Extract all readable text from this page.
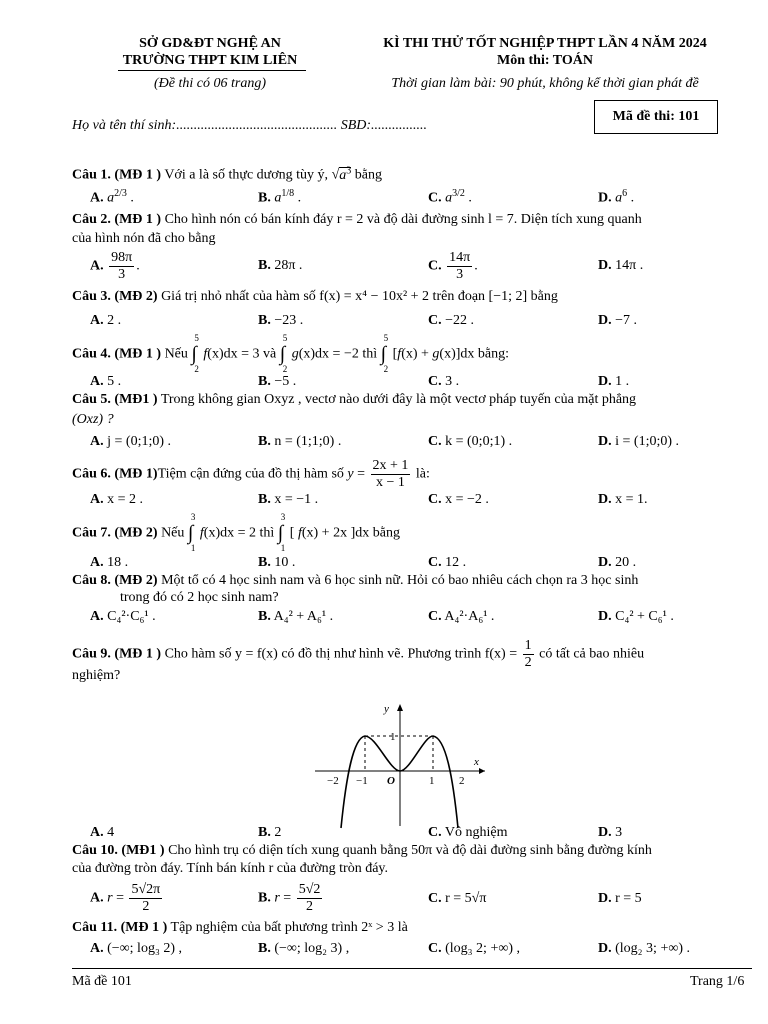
SỞ GD&ĐT NGHỆ AN
TRƯỜNG THPT KIM LIÊN
(Đề thi có 06 trang)
KÌ THI THỬ TỐT NGHIỆP THPT LẦN 4 NĂM 2024
Môn thi: TOÁN
Thời gian làm bài: 90 phút, không kể thời gian phát đề
Họ và tên thí sinh:.............................................. SBD:................
Mã đề thi: 101
Câu 1. (MĐ 1 ) Với a là số thực dương tùy ý, $√a^3$ bằng
A. $a^{2/3}$ .	B. $a^{1/8}$ .	C. $a^{3/2}$ .	D. $a^6$ .
Câu 2. (MĐ 1 ) Cho hình nón có bán kính đáy r = 2 và độ dài đường sinh l = 7. Diện tích xung quanh
của hình nón đã cho bằng
A. $\frac{98\pi}{3}$ .	B. 28π .	C. $\frac{14\pi}{3}$ .	D. 14π .
Câu 3. (MĐ 2) Giá trị nhỏ nhất của hàm số f(x) = x⁴ − 10x² + 2 trên đoạn [−1; 2] bằng
A. 2 .	B. −23 .	C. −22 .	D. −7 .
Câu 4. (MĐ 1 ) Nếu ∫
5
2
f(x)dx = 3 và ∫
5
2
g(x)dx = −2 thì ∫
5
2
[f(x) + g(x)]dx bằng:
A. 5 .	B. −5 .	C. 3 .	D. 1 .
Câu 5. (MĐ1 ) Trong không gian Oxyz , vectơ nào dưới đây là một vectơ pháp tuyến của mặt phẳng
(Oxz) ?
A. j = (0;1;0) .	B. n = (1;1;0) .	C. k = (0;0;1) .	D. i = (1;0;0) .
Câu 6. (MĐ 1)Tiệm cận đứng của đồ thị hàm số $y = \frac{2x + 1}{x - 1}$ là:
A. x = 2 .	B. x = −1 .	C. x = −2 .	D. x = 1.
Câu 7. (MĐ 2) Nếu ∫
3
1
f(x)dx = 2 thì ∫
3
1
[ f(x) + 2x ]dx bằng
A. 18 .	B. 10 .	C. 12 .	D. 20 .
Câu 8. (MĐ 2) Một tổ có 4 học sinh nam và 6 học sinh nữ. Hỏi có bao nhiêu cách chọn ra 3 học sinh
trong đó có 2 học sinh nam?
A. C₄²·C₆¹ .	B. A₄² + A₆¹ .	C. A₄²·A₆¹ .	D. C₄² + C₆¹ .
Câu 9. (MĐ 1 ) Cho hàm số y = f(x) có đồ thị như hình vẽ. Phương trình $f(x) = \frac{1}{2}$ có tất cả bao nhiêu
nghiệm?
−2 −1 O	1 2
1
x
y
A. 4	B. 2	C. Vô nghiệm	D. 3
Câu 10. (MĐ1 ) Cho hình trụ có diện tích xung quanh bằng 50π và độ dài đường sinh bằng đường kính
của đường tròn đáy. Tính bán kính r của đường tròn đáy.
A. $r = \frac{5√2\pi}{2}$	B. $r = \frac{5√2}{2}$	C. r = 5√π	D. r = 5
Câu 11. (MĐ 1 ) Tập nghiệm của bất phương trình 2ˣ > 3 là
A. (−∞; log₃ 2) ,	B. (−∞; log₂ 3) ,	C. (log₃ 2; +∞) ,	D. (log₂ 3; +∞) .
Mã đề 101	Trang 1/6
